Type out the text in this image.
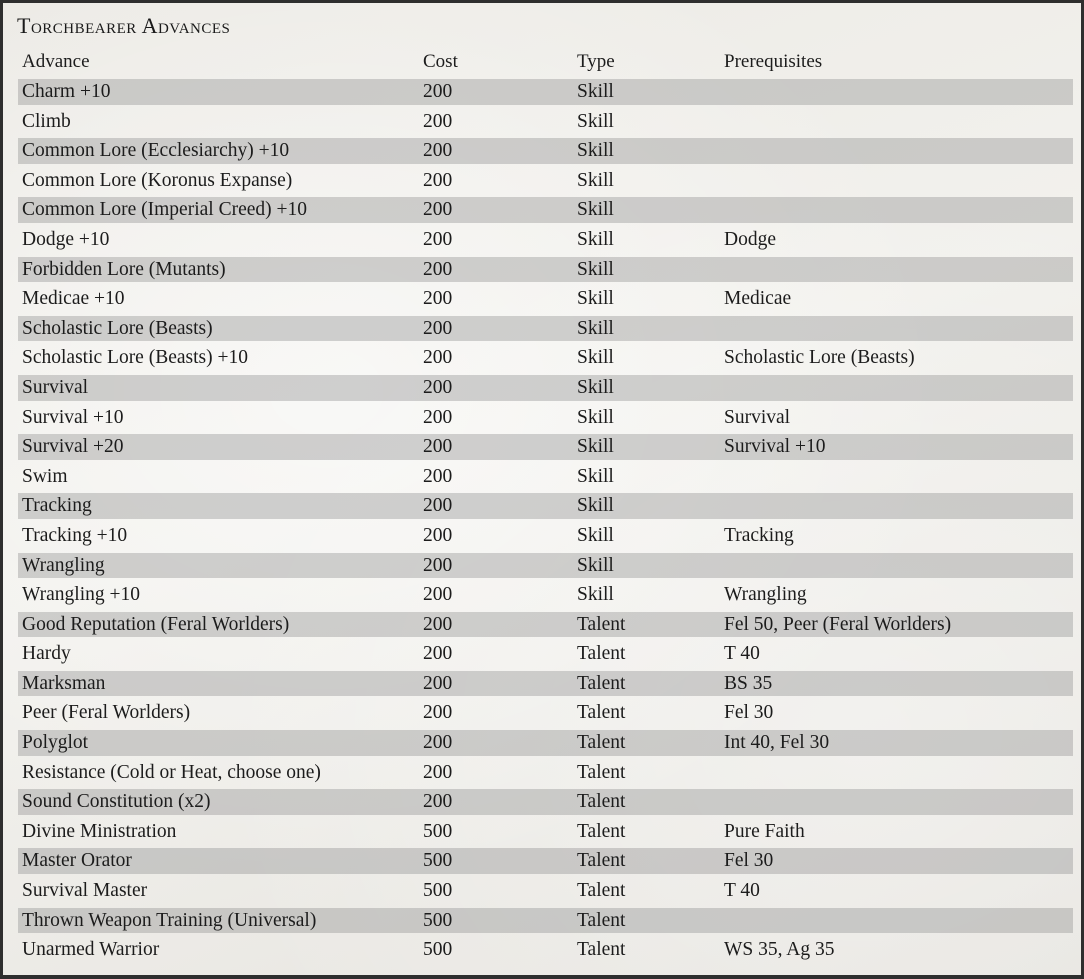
Torchbearer Advances
Advance	Cost	Type	Prerequisites
Charm +10	200	Skill
Climb	200	Skill
Common Lore (Ecclesiarchy) +10	200	Skill
Common Lore (Koronus Expanse)	200	Skill
Common Lore (Imperial Creed) +10	200	Skill
Dodge +10	200	Skill	Dodge
Forbidden Lore (Mutants)	200	Skill
Medicae +10	200	Skill	Medicae
Scholastic Lore (Beasts)	200	Skill
Scholastic Lore (Beasts) +10	200	Skill	Scholastic Lore (Beasts)
Survival	200	Skill
Survival +10	200	Skill	Survival
Survival +20	200	Skill	Survival +10
Swim	200	Skill
Tracking	200	Skill
Tracking +10	200	Skill	Tracking
Wrangling	200	Skill
Wrangling +10	200	Skill	Wrangling
Good Reputation (Feral Worlders)	200	Talent	Fel 50, Peer (Feral Worlders)
Hardy	200	Talent	T 40
Marksman	200	Talent	BS 35
Peer (Feral Worlders)	200	Talent	Fel 30
Polyglot	200	Talent	Int 40, Fel 30
Resistance (Cold or Heat, choose one)	200	Talent
Sound Constitution (x2)	200	Talent
Divine Ministration	500	Talent	Pure Faith
Master Orator	500	Talent	Fel 30
Survival Master	500	Talent	T 40
Thrown Weapon Training (Universal)	500	Talent
Unarmed Warrior	500	Talent	WS 35, Ag 35
